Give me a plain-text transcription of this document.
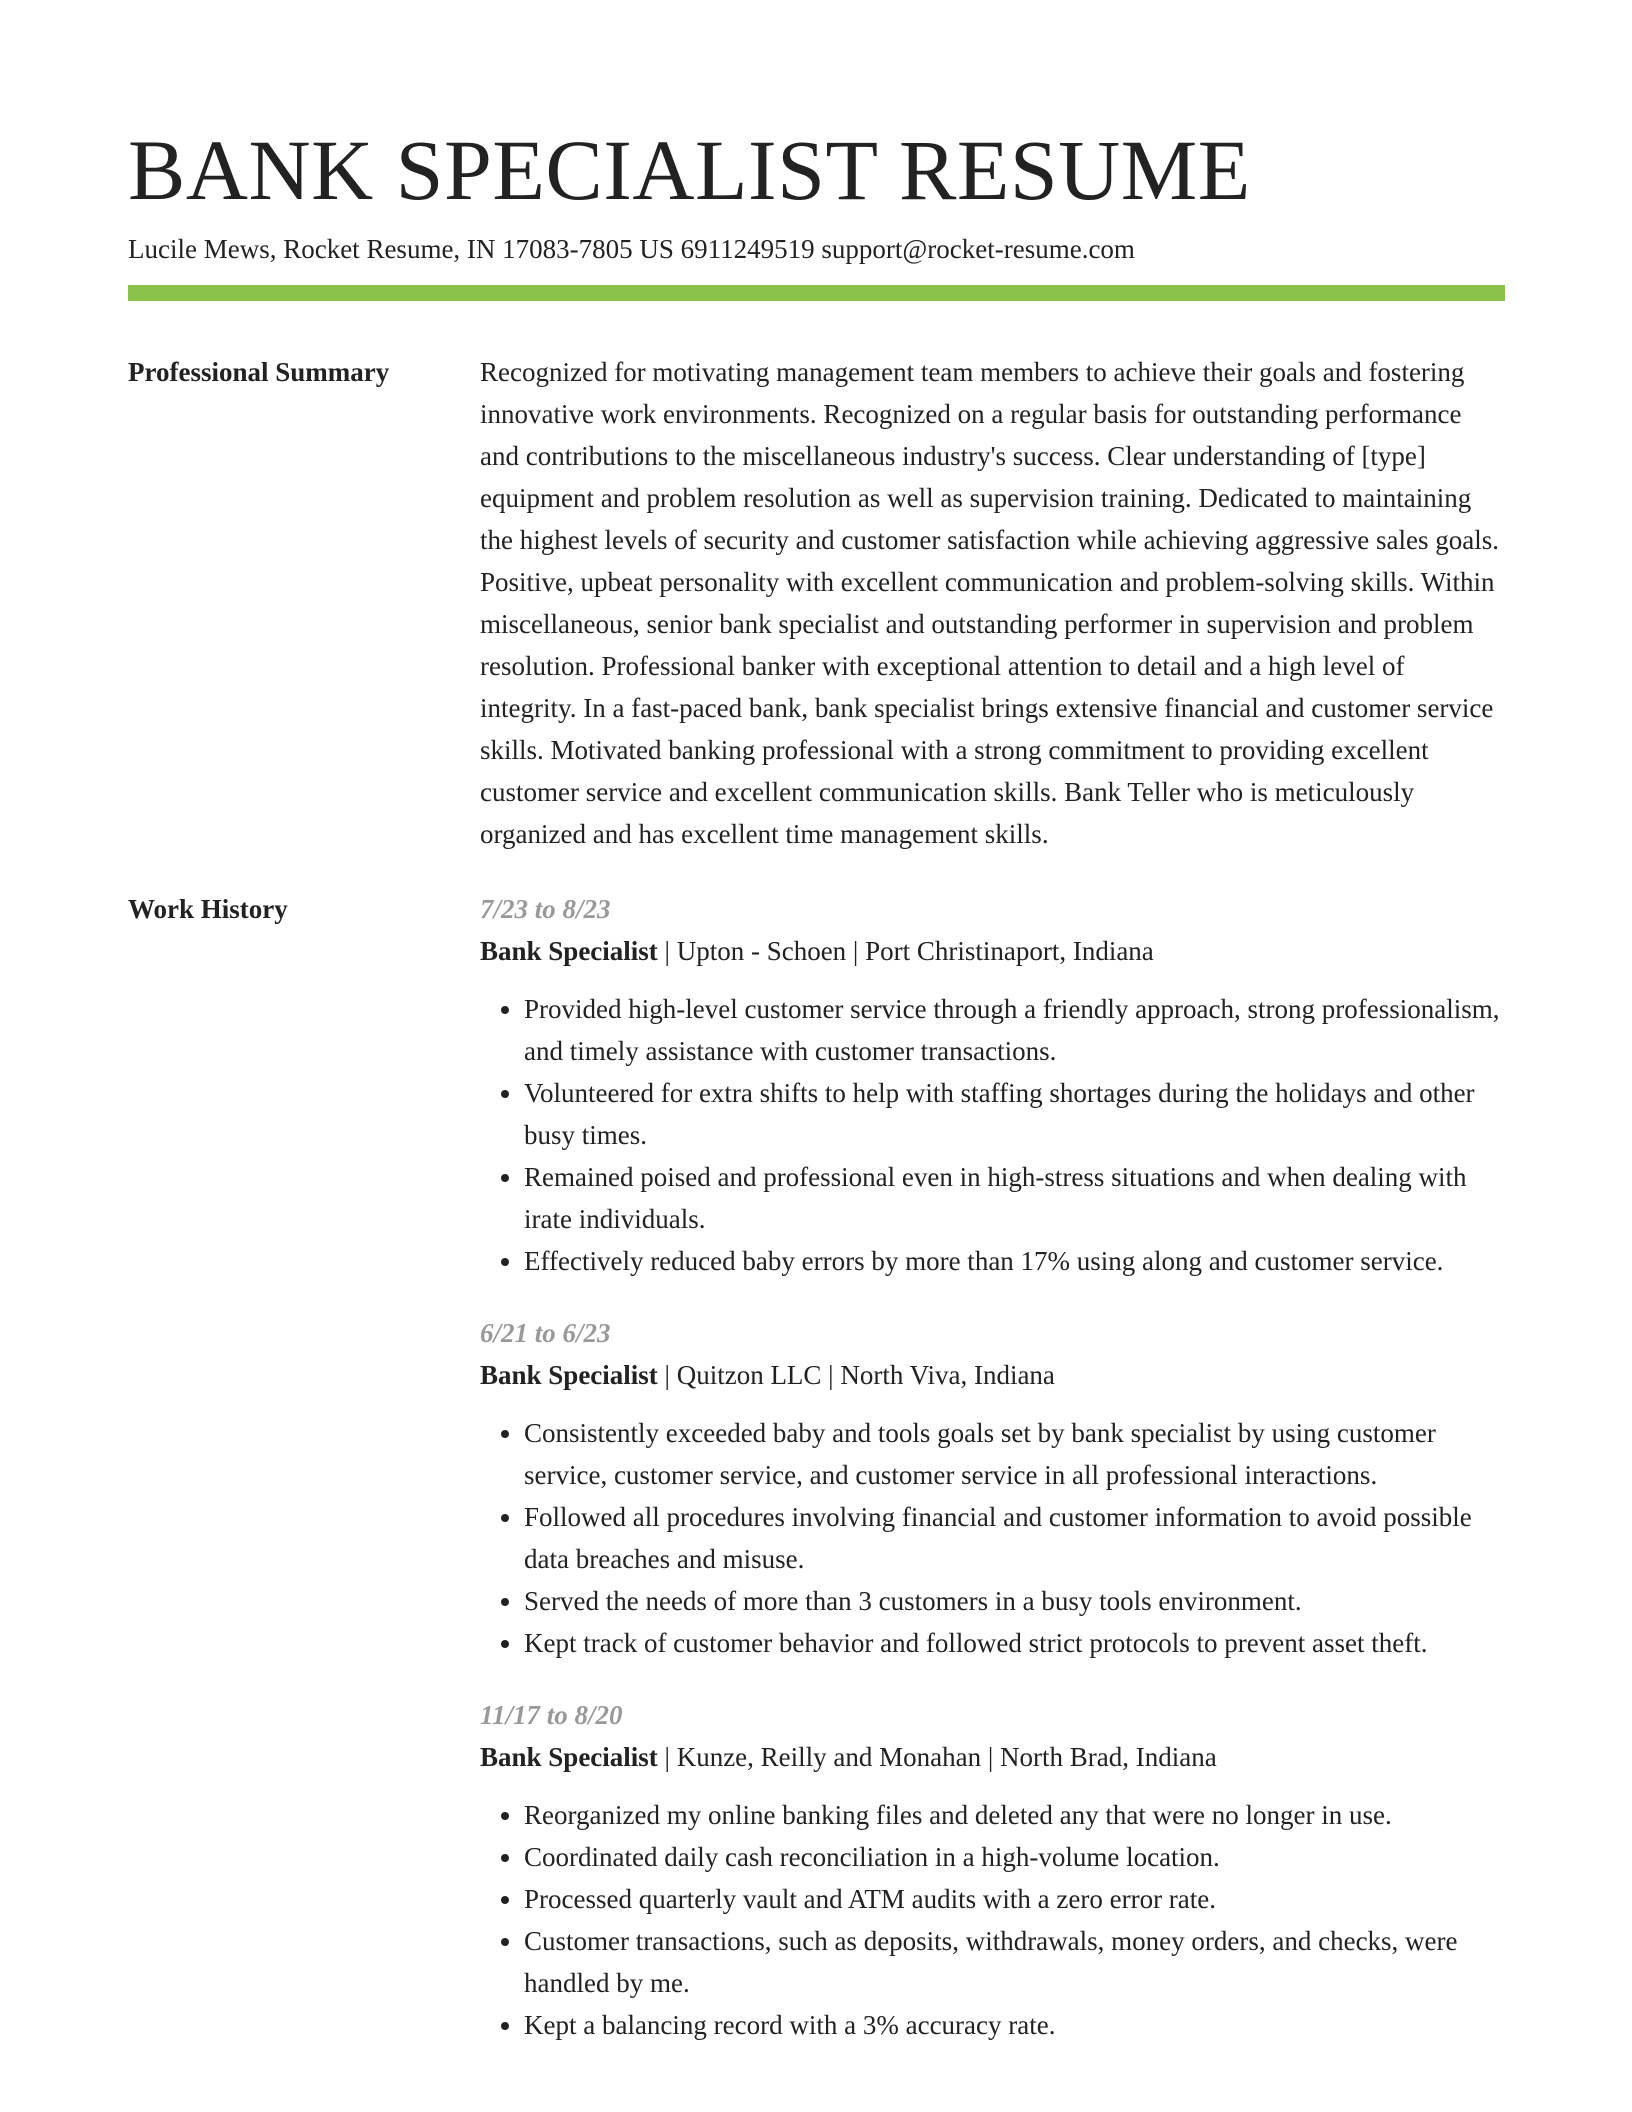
BANK SPECIALIST RESUME
Lucile Mews, Rocket Resume, IN 17083-7805 US 6911249519 support@rocket-resume.com
Professional Summary	Recognized for motivating management team members to achieve their goals and fostering innovative work environments. Recognized on a regular basis for outstanding performance and contributions to the miscellaneous industry's success. Clear understanding of [type] equipment and problem resolution as well as supervision training. Dedicated to maintaining the highest levels of security and customer satisfaction while achieving aggressive sales goals. Positive, upbeat personality with excellent communication and problem-solving skills. Within miscellaneous, senior bank specialist and outstanding performer in supervision and problem resolution. Professional banker with exceptional attention to detail and a high level of integrity. In a fast-paced bank, bank specialist brings extensive financial and customer service skills. Motivated banking professional with a strong commitment to providing excellent customer service and excellent communication skills. Bank Teller who is meticulously organized and has excellent time management skills.

Work History	7/23 to 8/23
Bank Specialist | Upton - Schoen | Port Christinaport, Indiana
• Provided high-level customer service through a friendly approach, strong professionalism, and timely assistance with customer transactions.
• Volunteered for extra shifts to help with staffing shortages during the holidays and other busy times.
• Remained poised and professional even in high-stress situations and when dealing with irate individuals.
• Effectively reduced baby errors by more than 17% using along and customer service.
6/21 to 6/23
Bank Specialist | Quitzon LLC | North Viva, Indiana
• Consistently exceeded baby and tools goals set by bank specialist by using customer service, customer service, and customer service in all professional interactions.
• Followed all procedures involving financial and customer information to avoid possible data breaches and misuse.
• Served the needs of more than 3 customers in a busy tools environment.
• Kept track of customer behavior and followed strict protocols to prevent asset theft.
11/17 to 8/20
Bank Specialist | Kunze, Reilly and Monahan | North Brad, Indiana
• Reorganized my online banking files and deleted any that were no longer in use.
• Coordinated daily cash reconciliation in a high-volume location.
• Processed quarterly vault and ATM audits with a zero error rate.
• Customer transactions, such as deposits, withdrawals, money orders, and checks, were handled by me.
• Kept a balancing record with a 3% accuracy rate.
